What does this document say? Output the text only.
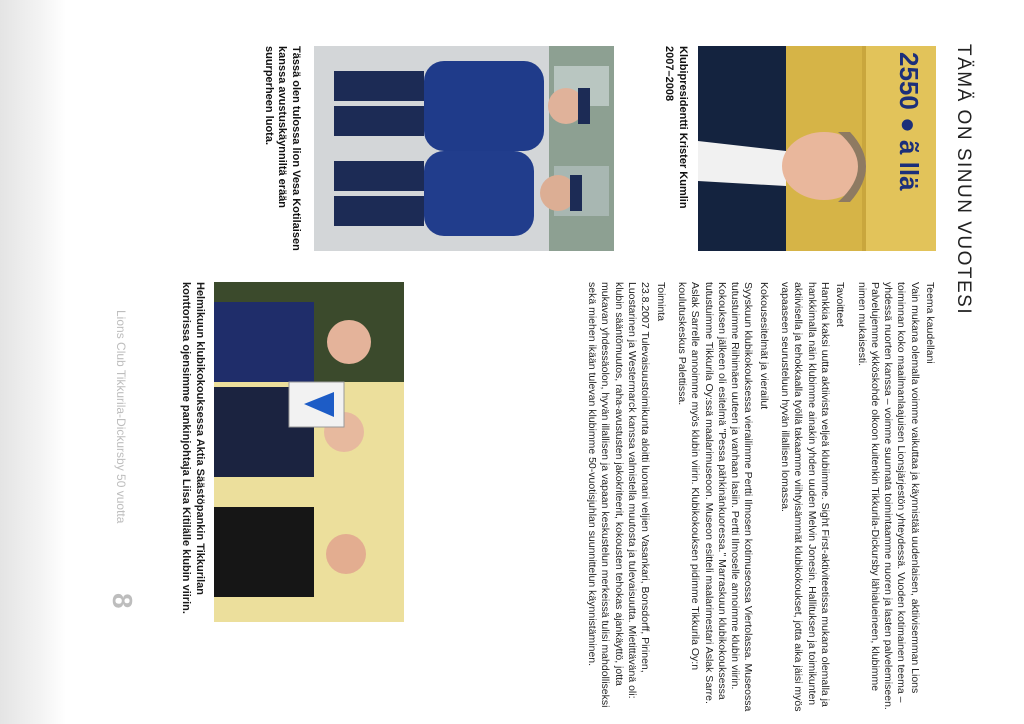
TÄMÄ ON SINUN VUOTESI
2550 ● ã llä
Klubipresidentti Krister Kumlin 2007–2008
Tässä olen tulossa lion Vesa Kotilaisen kanssa avustuskäynniltä erään suurperheen luota.

Teema kaudellani

Vain mukana olemalla voimme vaikuttaa ja käynnistää uudenlaisen, aktiivisemman Lions toiminnan koko maailmanlaajuisen Lionsjärjestön yhteydessä. Vuoden kotimainen teema – yhdessä nuorten kanssa – voimme suunnata toimintaamme nuoren ja lasten palvelemiseen. Palvelujemme ykköskohde olkoon kuitenkin Tikkurila-Dickursby lähialueineen, klubimme nimen mukaisesti.

Tavoitteet

Hankkia kaksi uutta aktiivista veljeä klubiimme. Sight First-aktiviteetissa mukana olemalla ja hankkimalla näin klubimme ainakin yhden uuden Melvin Jonesin. Hallituksen ja toimikunten aktiivisella ja tehokkaalla työllä takaamme viihtyisämmät klubikokoukset, jotta aika jäisi myös vapaaseen seurusteluun hyvän illallisen lomassa.

Kokousesitelmät ja vierailut

Syyskuun klubikokouksessa vierailimme Pertti Ilmosen kotimuseossa Viertolassa. Museossa tutustuimme Riihimäen uuteen ja vanhaan lasiin. Pertti Ilmoselle annoimme klubin viirin. Kokouksen jälkeen oli esitelmä "Pessa pähkinänkuoressa." Marraskuun klubikokouksessa tutustuimme Tikkurila Oy:ssä maalarimuseoon. Museon esitteli maalarimestari Aslak Sarre. Aslak Sarrelle annoimme myös klubin viirin. Klubikokouksen pidimme Tikkurila Oy:n koulutuskeskus Palettissa.

Toiminta

23.8.2007 Tulevaisuustoimikunta aloitti luonani veljien Vasankari, Bonsdorff, Pirinen, Luostarinen ja Westermarck kanssa valmistella muutosta ja tulevaisuutta. Mietittävänä oli: klubin sääntömuutos, raha-avustusten jakokriteerit, kokousten tehokas ajankäyttö, jotta mukavan yhdessäolon, hyvän illallisen ja vapaan keskustelun merkeissä tulisi mahdolliseksi sekä miehen ikään tulevan klubimme 50-vuotisjuhlan suunnittelun käynnistäminen.

Helmikuun klubikokouksessa Aktia Säästöpankin Tikkurilan konttorissa ojensimme pankinjohtaja Liisa Kitilälle klubin viirin.
Lions Club Tikkurila-Dickursby 50 vuotta
8
